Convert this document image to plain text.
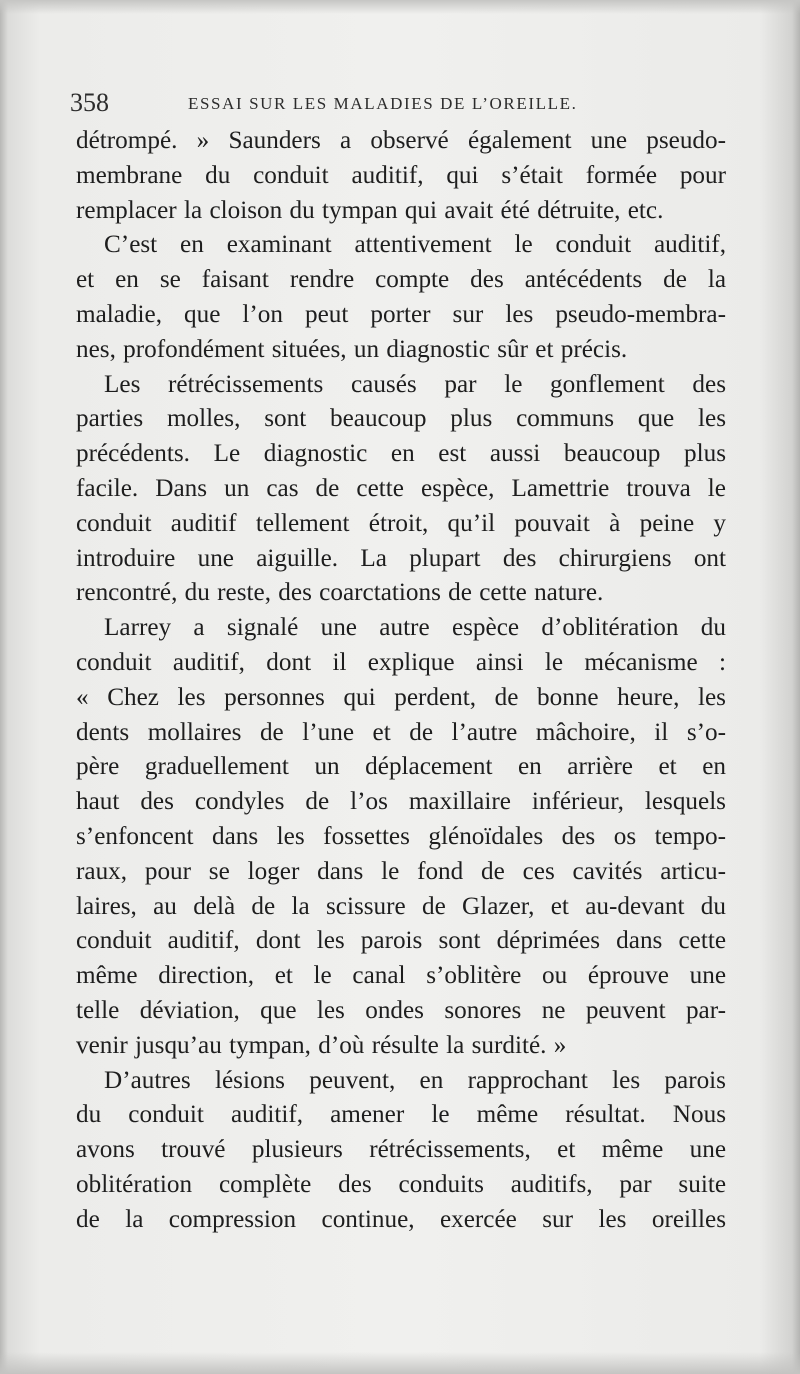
358	ESSAI SUR LES MALADIES DE L’OREILLE.
détrompé. » Saunders a observé également une pseudo-
membrane du conduit auditif, qui s’était formée pour
remplacer la cloison du tympan qui avait été détruite, etc.
C’est en examinant attentivement le conduit auditif,
et en se faisant rendre compte des antécédents de la
maladie, que l’on peut porter sur les pseudo-membra-
nes, profondément situées, un diagnostic sûr et précis.
Les rétrécissements causés par le gonflement des
parties molles, sont beaucoup plus communs que les
précédents. Le diagnostic en est aussi beaucoup plus
facile. Dans un cas de cette espèce, Lamettrie trouva le
conduit auditif tellement étroit, qu’il pouvait à peine y
introduire une aiguille. La plupart des chirurgiens ont
rencontré, du reste, des coarctations de cette nature.
Larrey a signalé une autre espèce d’oblitération du
conduit auditif, dont il explique ainsi le mécanisme :
« Chez les personnes qui perdent, de bonne heure, les
dents mollaires de l’une et de l’autre mâchoire, il s’o-
père graduellement un déplacement en arrière et en
haut des condyles de l’os maxillaire inférieur, lesquels
s’enfoncent dans les fossettes glénoïdales des os tempo-
raux, pour se loger dans le fond de ces cavités articu-
laires, au delà de la scissure de Glazer, et au-devant du
conduit auditif, dont les parois sont déprimées dans cette
même direction, et le canal s’oblitère ou éprouve une
telle déviation, que les ondes sonores ne peuvent par-
venir jusqu’au tympan, d’où résulte la surdité. »
D’autres lésions peuvent, en rapprochant les parois
du conduit auditif, amener le même résultat. Nous
avons trouvé plusieurs rétrécissements, et même une
oblitération complète des conduits auditifs, par suite
de la compression continue, exercée sur les oreilles
